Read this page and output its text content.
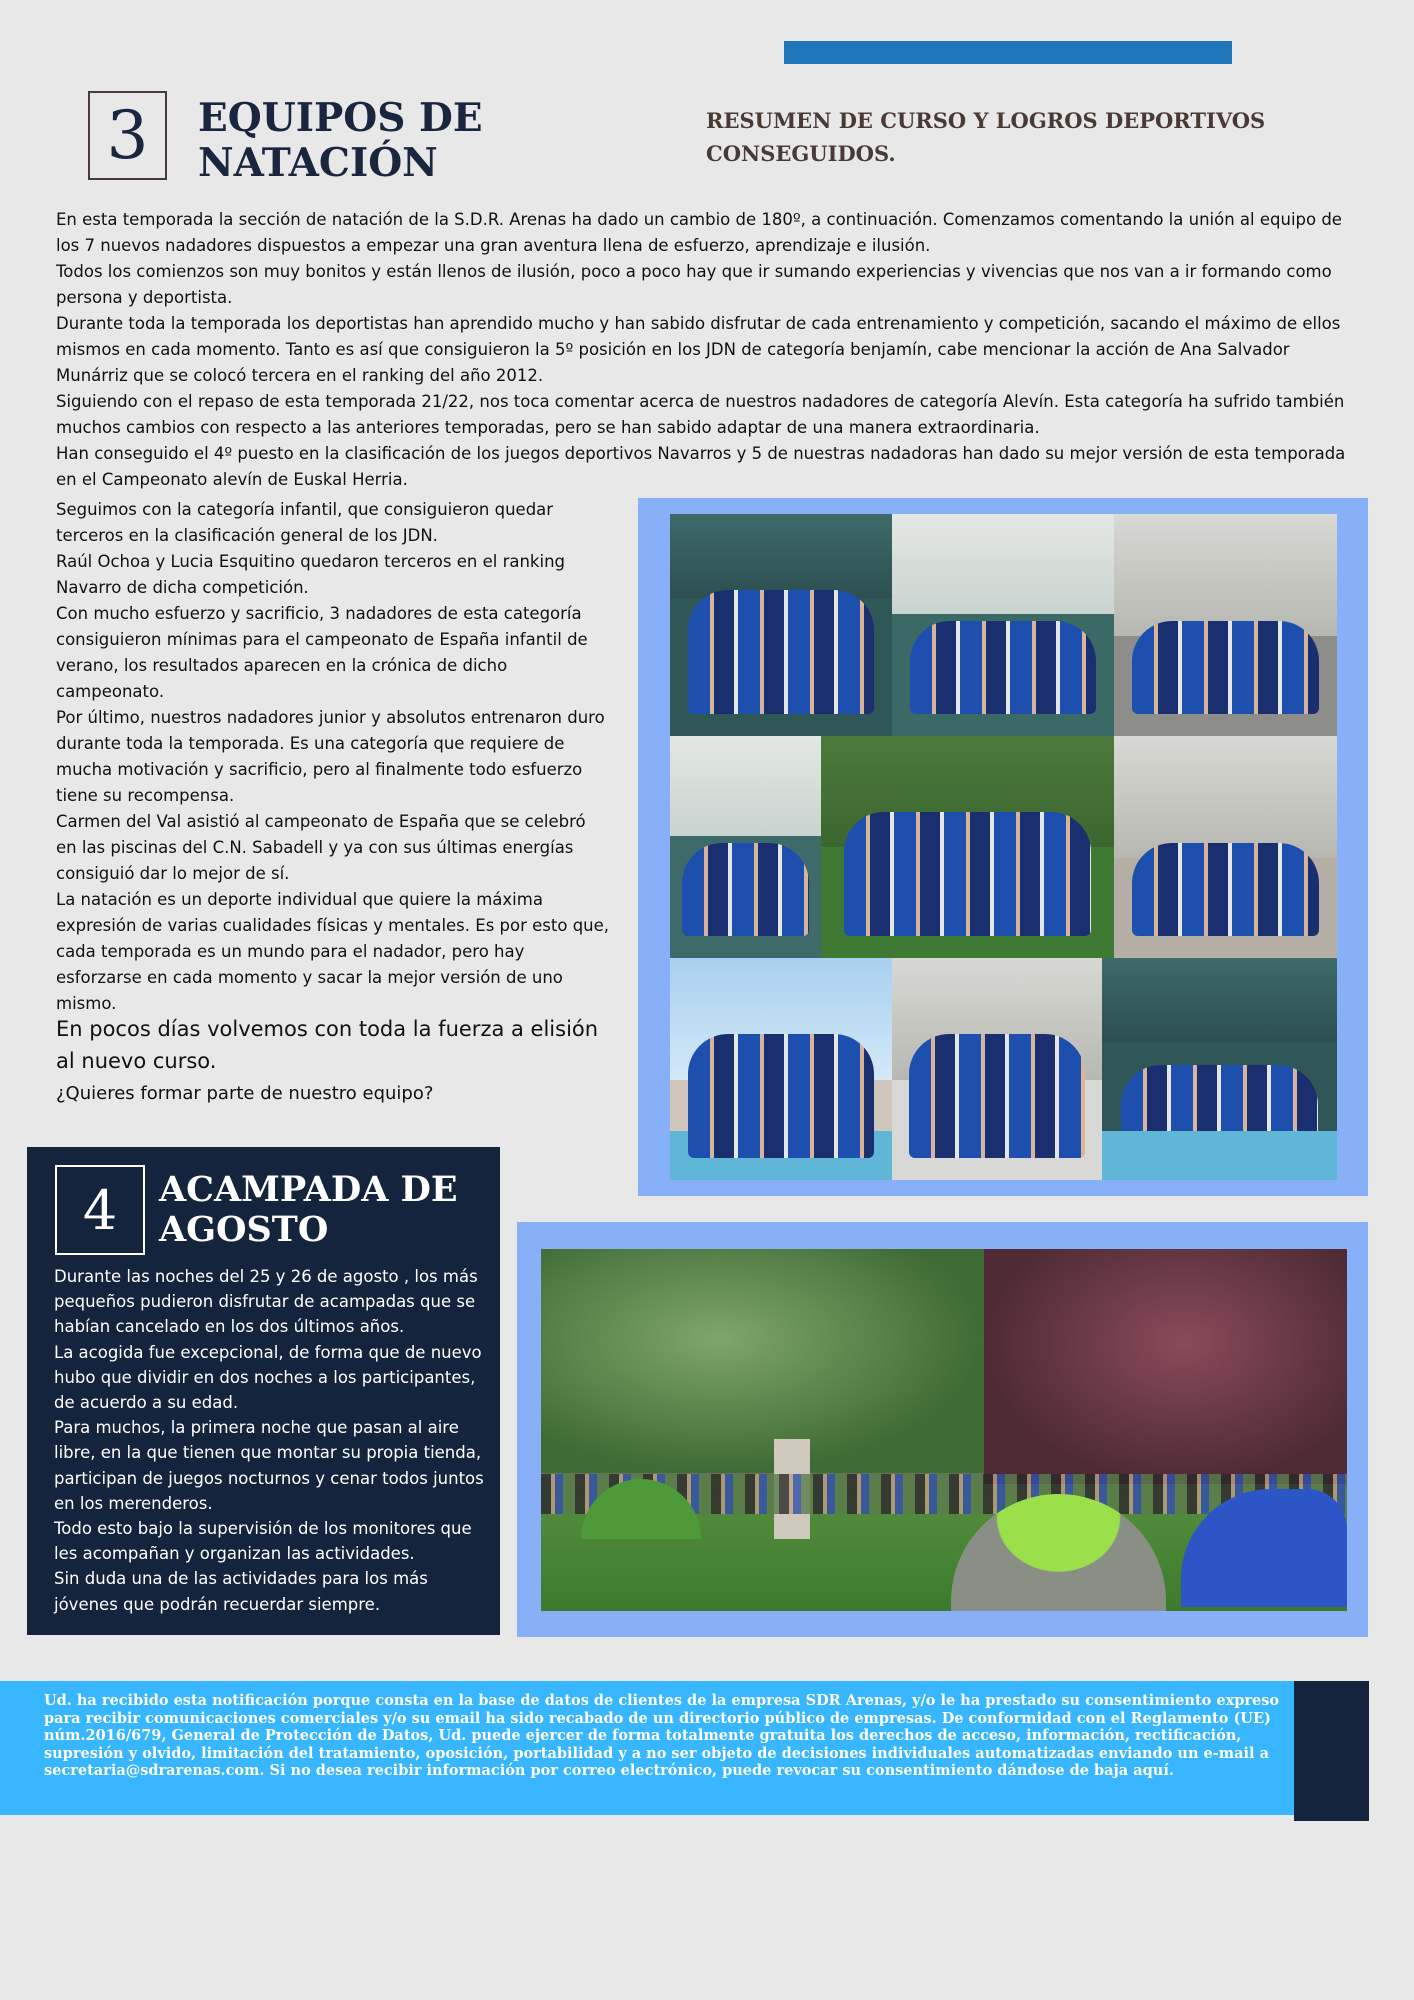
3	EQUIPOS DE NATACIÓN
RESUMEN DE CURSO Y LOGROS DEPORTIVOS CONSEGUIDOS.

En esta temporada la sección de natación de la S.D.R. Arenas ha dado un cambio de 180º, a continuación. Comenzamos comentando la unión al equipo de los 7 nuevos nadadores dispuestos a empezar una gran aventura llena de esfuerzo, aprendizaje e ilusión.

Todos los comienzos son muy bonitos y están llenos de ilusión, poco a poco hay que ir sumando experiencias y vivencias que nos van a ir formando como persona y deportista.

Durante toda la temporada los deportistas han aprendido mucho y han sabido disfrutar de cada entrenamiento y competición, sacando el máximo de ellos mismos en cada momento. Tanto es así que consiguieron la 5º posición en los JDN de categoría benjamín, cabe mencionar la acción de Ana Salvador Munárriz que se colocó tercera en el ranking del año 2012.

Siguiendo con el repaso de esta temporada 21/22, nos toca comentar acerca de nuestros nadadores de categoría Alevín. Esta categoría ha sufrido también muchos cambios con respecto a las anteriores temporadas, pero se han sabido adaptar de una manera extraordinaria.

Han conseguido el 4º puesto en la clasificación de los juegos deportivos Navarros y 5 de nuestras nadadoras han dado su mejor versión de esta temporada en el Campeonato alevín de Euskal Herria.

Seguimos con la categoría infantil, que consiguieron quedar terceros en la clasificación general de los JDN.

Raúl Ochoa y Lucia Esquitino quedaron terceros en el ranking Navarro de dicha competición.

Con mucho esfuerzo y sacrificio, 3 nadadores de esta categoría consiguieron mínimas para el campeonato de España infantil de verano, los resultados aparecen en la crónica de dicho campeonato.

Por último, nuestros nadadores junior y absolutos entrenaron duro durante toda la temporada. Es una categoría que requiere de mucha motivación y sacrificio, pero al finalmente todo esfuerzo tiene su recompensa.

Carmen del Val asistió al campeonato de España que se celebró en las piscinas del C.N. Sabadell y ya con sus últimas energías consiguió dar lo mejor de sí.

La natación es un deporte individual que quiere la máxima expresión de varias cualidades físicas y mentales. Es por esto que, cada temporada es un mundo para el nadador, pero hay esforzarse en cada momento y sacar la mejor versión de uno mismo.

En pocos días volvemos con toda la fuerza a elisión al nuevo curso.

¿Quieres formar parte de nuestro equipo?

4	ACAMPADA DE AGOSTO

Durante las noches del 25 y 26 de agosto , los más pequeños pudieron disfrutar de acampadas que se habían cancelado en los dos últimos años.

La acogida fue excepcional, de forma que de nuevo hubo que dividir en dos noches a los participantes, de acuerdo a su edad.

Para muchos, la primera noche que pasan al aire libre, en la que tienen que montar su propia tienda, participan de juegos nocturnos y cenar todos juntos en los merenderos.

Todo esto bajo la supervisión de los monitores que les acompañan y organizan las actividades.

Sin duda una de las actividades para los más jóvenes que podrán recuerdar siempre.

Ud. ha recibido esta notificación porque consta en la base de datos de clientes de la empresa SDR Arenas, y/o le ha prestado su consentimiento expreso para recibir comunicaciones comerciales y/o su email ha sido recabado de un directorio público de empresas. De conformidad con el Reglamento (UE) núm.2016/679, General de Protección de Datos, Ud. puede ejercer de forma totalmente gratuita los derechos de acceso, información, rectificación, supresión y olvido, limitación del tratamiento, oposición, portabilidad y a no ser objeto de decisiones individuales automatizadas enviando un e-mail a secretaria@sdrarenas.com. Si no desea recibir información por correo electrónico, puede revocar su consentimiento dándose de baja aquí.
